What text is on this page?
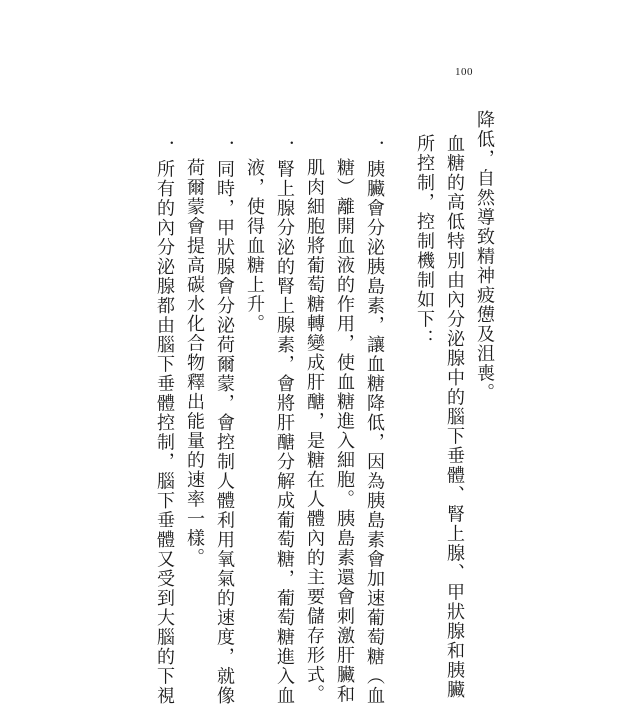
100
降低，自然導致精神疲憊及沮喪。
血糖的高低特別由內分泌腺中的腦下垂體、腎上腺、甲狀腺和胰臟
所控制，控制機制如下：
．胰臟會分泌胰島素，讓血糖降低，因為胰島素會加速葡萄糖（血
糖）離開血液的作用，使血糖進入細胞。胰島素還會刺激肝臟和
肌肉細胞將葡萄糖轉變成肝醣，是糖在人體內的主要儲存形式。
．腎上腺分泌的腎上腺素，會將肝醣分解成葡萄糖，葡萄糖進入血
液，使得血糖上升。
．同時，甲狀腺會分泌荷爾蒙，會控制人體利用氧氣的速度，就像
荷爾蒙會提高碳水化合物釋出能量的速率一樣。
．所有的內分泌腺都由腦下垂體控制，腦下垂體又受到大腦的下視
